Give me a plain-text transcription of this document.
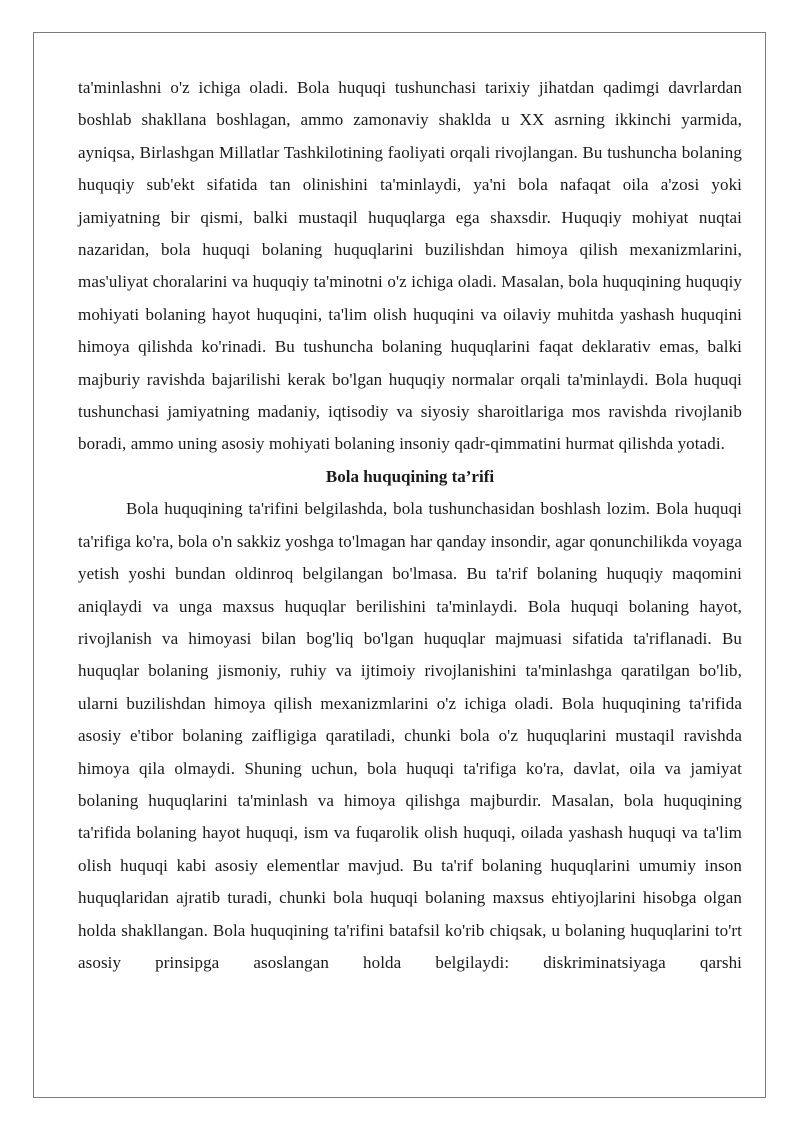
ta'minlashni o'z ichiga oladi. Bola huquqi tushunchasi tarixiy jihatdan qadimgi davrlardan boshlab shakllana boshlagan, ammo zamonaviy shaklda u XX asrning ikkinchi yarmida, ayniqsa, Birlashgan Millatlar Tashkilotining faoliyati orqali rivojlangan. Bu tushuncha bolaning huquqiy sub'ekt sifatida tan olinishini ta'minlaydi, ya'ni bola nafaqat oila a'zosi yoki jamiyatning bir qismi, balki mustaqil huquqlarga ega shaxsdir. Huquqiy mohiyat nuqtai nazaridan, bola huquqi bolaning huquqlarini buzilishdan himoya qilish mexanizmlarini, mas'uliyat choralarini va huquqiy ta'minotni o'z ichiga oladi. Masalan, bola huquqining huquqiy mohiyati bolaning hayot huquqini, ta'lim olish huquqini va oilaviy muhitda yashash huquqini himoya qilishda ko'rinadi. Bu tushuncha bolaning huquqlarini faqat deklarativ emas, balki majburiy ravishda bajarilishi kerak bo'lgan huquqiy normalar orqali ta'minlaydi. Bola huquqi tushunchasi jamiyatning madaniy, iqtisodiy va siyosiy sharoitlariga mos ravishda rivojlanib boradi, ammo uning asosiy mohiyati bolaning insoniy qadr-qimmatini hurmat qilishda yotadi.

Bola huquqining ta’rifi

Bola huquqining ta'rifini belgilashda, bola tushunchasidan boshlash lozim. Bola huquqi ta'rifiga ko'ra, bola o'n sakkiz yoshga to'lmagan har qanday insondir, agar qonunchilikda voyaga yetish yoshi bundan oldinroq belgilangan bo'lmasa. Bu ta'rif bolaning huquqiy maqomini aniqlaydi va unga maxsus huquqlar berilishini ta'minlaydi. Bola huquqi bolaning hayot, rivojlanish va himoyasi bilan bog'liq bo'lgan huquqlar majmuasi sifatida ta'riflanadi. Bu huquqlar bolaning jismoniy, ruhiy va ijtimoiy rivojlanishini ta'minlashga qaratilgan bo'lib, ularni buzilishdan himoya qilish mexanizmlarini o'z ichiga oladi. Bola huquqining ta'rifida asosiy e'tibor bolaning zaifligiga qaratiladi, chunki bola o'z huquqlarini mustaqil ravishda himoya qila olmaydi. Shuning uchun, bola huquqi ta'rifiga ko'ra, davlat, oila va jamiyat bolaning huquqlarini ta'minlash va himoya qilishga majburdir. Masalan, bola huquqining ta'rifida bolaning hayot huquqi, ism va fuqarolik olish huquqi, oilada yashash huquqi va ta'lim olish huquqi kabi asosiy elementlar mavjud. Bu ta'rif bolaning huquqlarini umumiy inson huquqlaridan ajratib turadi, chunki bola huquqi bolaning maxsus ehtiyojlarini hisobga olgan holda shakllangan. Bola huquqining ta'rifini batafsil ko'rib chiqsak, u bolaning huquqlarini to'rt asosiy prinsipga asoslangan holda belgilaydi: diskriminatsiyaga qarshi
